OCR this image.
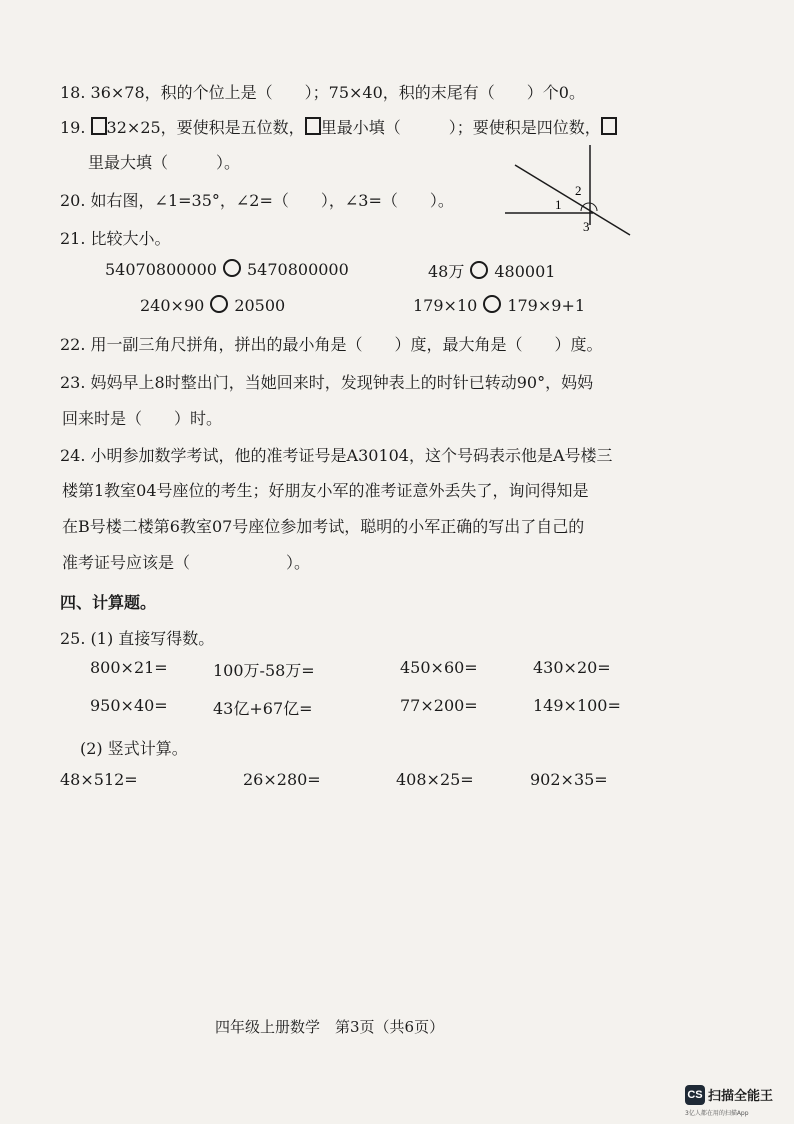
18. 36×78，积的个位上是（　　）；75×40，积的末尾有（　　）个0。
19. 32×25，要使积是五位数， 里最小填（　　　）；要使积是四位数，
里最大填（　　　）。
20. 如右图，∠1=35°，∠2=（　　），∠3=（　　）。	1
2
3
21. 比较大小。
54070800000 5470800000	48万 480001
240×90 20500	179×10 179×9+1
22. 用一副三角尺拼角，拼出的最小角是（　　）度，最大角是（　　）度。
23. 妈妈早上8时整出门，当她回来时，发现钟表上的时针已转动90°，妈妈
回来时是（　　）时。
24. 小明参加数学考试，他的准考证号是A30104，这个号码表示他是A号楼三
楼第1教室04号座位的考生；好朋友小军的准考证意外丢失了，询问得知是
在B号楼二楼第6教室07号座位参加考试，聪明的小军正确的写出了自己的
准考证号应该是（　　　　　　）。
四、计算题。
25. (1) 直接写得数。
800×21=	100万-58万=	450×60=	430×20=
950×40=	43亿+67亿=	77×200=	149×100=
(2) 竖式计算。
48×512=	26×280=	408×25=	902×35=
四年级上册数学　第3页（共6页）
CS 扫描全能王
3亿人都在用的扫描App
